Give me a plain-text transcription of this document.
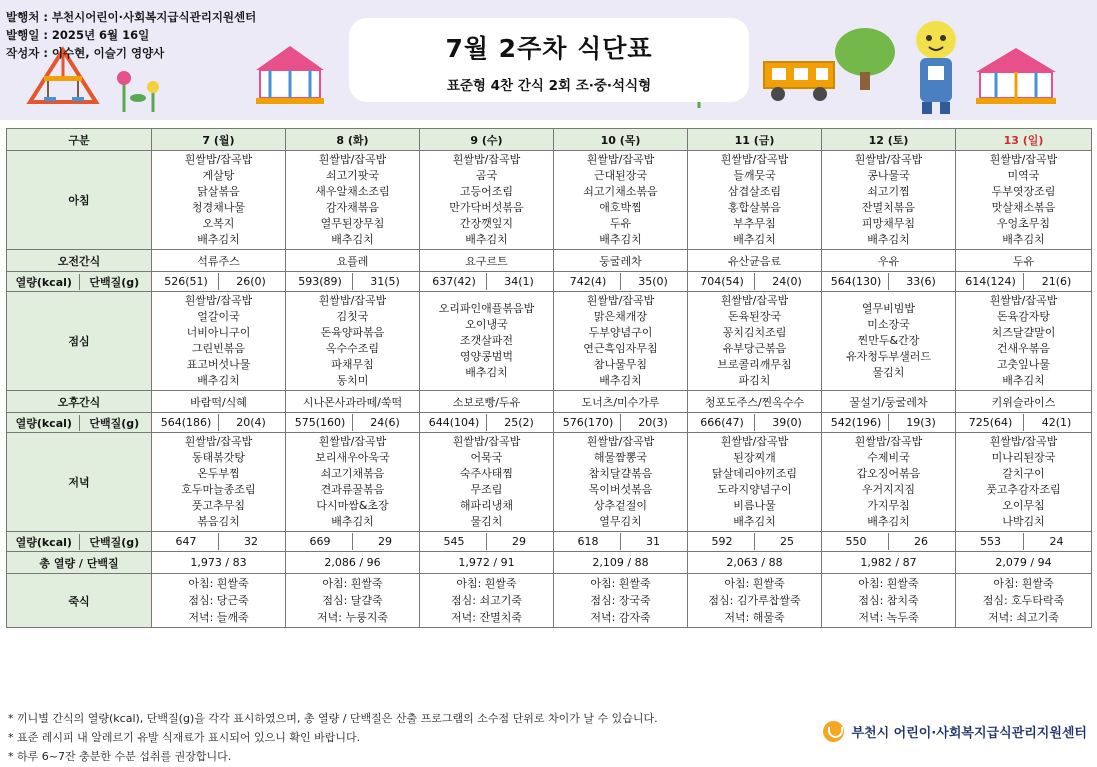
발행처 : 부천시어린이·사회복지급식관리지원센터
발행일 : 2025년 6월 16일
작성자 : 이수현, 이슬기 영양사	7월 2주차 식단표
표준형 4찬 간식 2회 조·중·석식형
구분	7 (월)	8 (화)	9 (수)	10 (목)	11 (금)	12 (토)	13 (일)
아침	흰쌀밥/잡곡밥
게살탕
닭살볶음
청경채나물
오복지
배추김치	흰쌀밥/잡곡밥
쇠고기팟국
새우알채소조림
감자채볶음
열무된장무침
배추김치	흰쌀밥/잡곡밥
곰국
고등어조림
만가닥버섯볶음
간장깻잎지
배추김치	흰쌀밥/잡곡밥
근대된장국
쇠고기채소볶음
애호박찜
두유
배추김치	흰쌀밥/잡곡밥
들깨뭇국
삼겹살조림
홍합살볶음
부추무침
배추김치	흰쌀밥/잡곡밥
콩나물국
쇠고기찜
잔멸치볶음
피망채무침
배추김치	흰쌀밥/잡곡밥
미역국
두부엿장조림
맛살채소볶음
우엉초무침
배추김치
오전간식	석류주스	요플레	요구르트	둥굴레차	유산균음료	우유	두유

열량(kcal)	단백질(g)	526(51)	26(0)	593(89)	31(5)	637(42)	34(1)	742(4)	35(0)	704(54)	24(0)	564(130)	33(6)	614(124)	21(6)

점심	흰쌀밥/잡곡밥
얼갈이국
너비아니구이
그린빈볶음
표고버섯나물
배추김치	흰쌀밥/잡곡밥
김칫국
돈육양파볶음
옥수수조림
파채무침
동치미	오리파인애플볶음밥
오이냉국
조갯살파전
영양콩범벅
배추김치	흰쌀밥/잡곡밥
맑은채개장
두부양념구이
연근흑임자무침
참나물무침
배추김치	흰쌀밥/잡곡밥
돈육된장국
꽁치김치조림
유부당근볶음
브로콜리깨무침
파김치	열무비빔밥
미소장국
찐만두&간장
유자청두부샐러드
물김치	흰쌀밥/잡곡밥
돈육감자탕
치즈달걀말이
건새우볶음
고춧잎나물
배추김치
오후간식	바람떡/식혜	시나몬사과라떼/쑥떡	소보로빵/두유	도너츠/미수가루	청포도주스/찐옥수수	꿀설기/둥굴레차	키위슬라이스

열량(kcal)	단백질(g)	564(186)	20(4)	575(160)	24(6)	644(104)	25(2)	576(170)	20(3)	666(47)	39(0)	542(196)	19(3)	725(64)	42(1)

저녁	흰쌀밥/잡곡밥
동태볶갓탕
온두부찜
호두마늘종조림
풋고추무침
볶음김치	흰쌀밥/잡곡밥
보리새우아욱국
쇠고기채볶음
견과류꿀볶음
다시마쌈&초장
배추김치	흰쌀밥/잡곡밥
어묵국
숙주사태찜
무조림
해파리냉채
물김치	흰쌀밥/잡곡밥
해물짬뽕국
참치달걀볶음
목이버섯볶음
상추겉절이
열무김치	흰쌀밥/잡곡밥
된장찌개
닭살데리야끼조림
도라지양념구이
비름나물
배추김치	흰쌀밥/잡곡밥
수제비국
갑오징어볶음
우거지지짐
가지무침
배추김치	흰쌀밥/잡곡밥
미나리된장국
갈치구이
풋고추감자조림
오이무침
나박김치

열량(kcal)	단백질(g)	647	32	669	29	545	29	618	31	592	25	550	26	553	24

총 열량 / 단백질	1,973 / 83	2,086 / 96	1,972 / 91	2,109 / 88	2,063 / 88	1,982 / 87	2,079 / 94
죽식	아침: 흰쌀죽
점심: 당근죽
저녁: 들깨죽	아침: 흰쌀죽
점심: 달걀죽
저녁: 누룽지죽	아침: 흰쌀죽
점심: 쇠고기죽
저녁: 잔멸치죽	아침: 흰쌀죽
점심: 장국죽
저녁: 감자죽	아침: 흰쌀죽
점심: 김가루찹쌀죽
저녁: 해물죽	아침: 흰쌀죽
점심: 참치죽
저녁: 녹두죽	아침: 흰쌀죽
점심: 호두타락죽
저녁: 쇠고기죽
* 끼니별 간식의 열량(kcal), 단백질(g)을 각각 표시하였으며, 총 열량 / 단백질은 산출 프로그램의 소수점 단위로 차이가 날 수 있습니다.
* 표준 레시피 내 알레르기 유발 식재료가 표시되어 있으니 확인 바랍니다.
* 하루 6~7잔 충분한 수분 섭취를 권장합니다.
부천시 어린이·사회복지급식관리지원센터
